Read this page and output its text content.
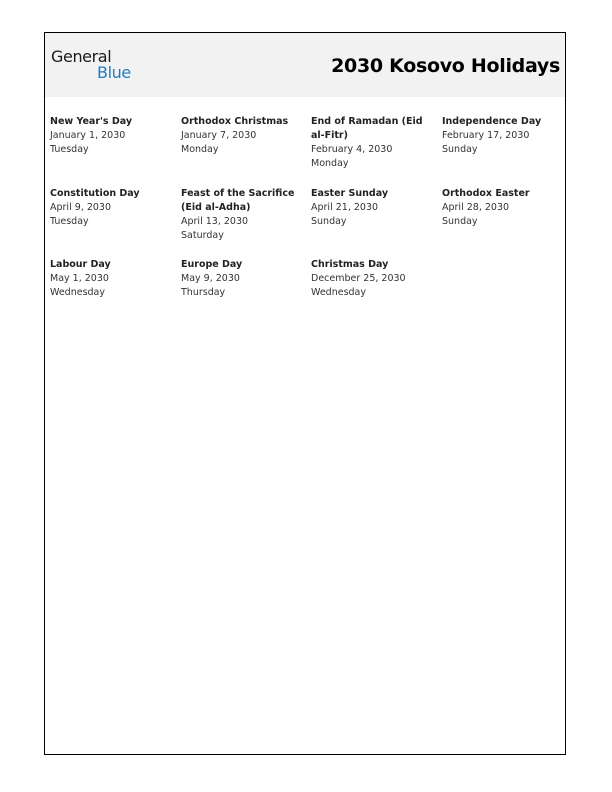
General
Blue	2030 Kosovo Holidays
New Year's Day
January 1, 2030
Tuesday
Orthodox Christmas
January 7, 2030
Monday
End of Ramadan (Eid al-Fitr)
February 4, 2030
Monday
Independence Day
February 17, 2030
Sunday
Constitution Day
April 9, 2030
Tuesday
Feast of the Sacrifice (Eid al-Adha)
April 13, 2030
Saturday
Easter Sunday
April 21, 2030
Sunday
Orthodox Easter
April 28, 2030
Sunday
Labour Day
May 1, 2030
Wednesday
Europe Day
May 9, 2030
Thursday
Christmas Day
December 25, 2030
Wednesday
